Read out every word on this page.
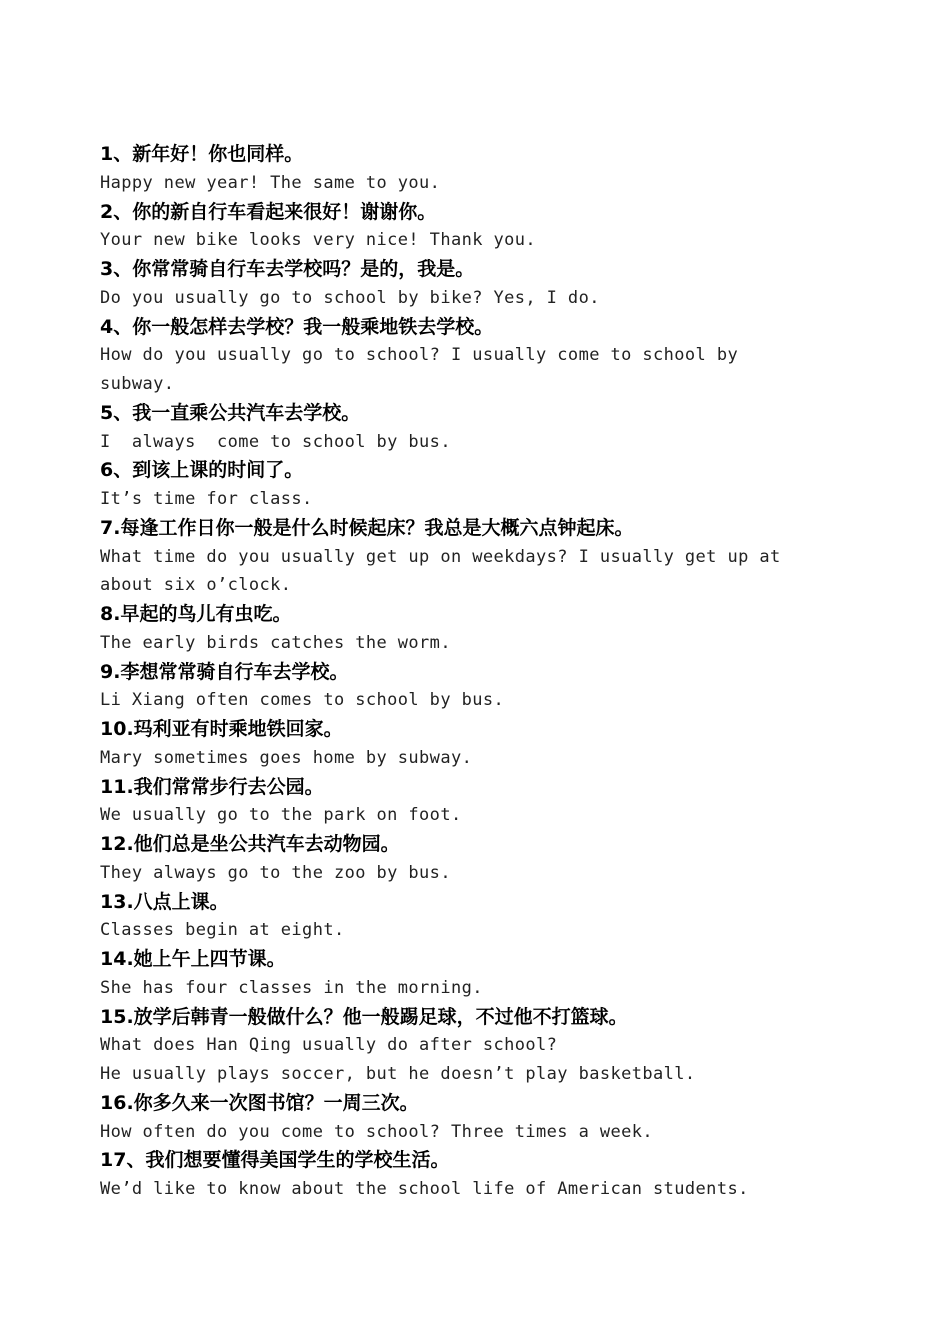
1、新年好！你也同样。
Happy new year! The same to you.
2、你的新自行车看起来很好！谢谢你。
Your new bike looks very nice! Thank you.
3、你常常骑自行车去学校吗？是的，我是。
Do you usually go to school by bike? Yes, I do.
4、你一般怎样去学校？我一般乘地铁去学校。
How do you usually go to school? I usually come to school by
subway.
5、我一直乘公共汽车去学校。
I  always  come to school by bus.
6、到该上课的时间了。
It’s time for class.
7.每逢工作日你一般是什么时候起床？我总是大概六点钟起床。
What time do you usually get up on weekdays? I usually get up at
about six o’clock.
8.早起的鸟儿有虫吃。
The early birds catches the worm.
9.李想常常骑自行车去学校。
Li Xiang often comes to school by bus.
10.玛利亚有时乘地铁回家。
Mary sometimes goes home by subway.
11.我们常常步行去公园。
We usually go to the park on foot.
12.他们总是坐公共汽车去动物园。
They always go to the zoo by bus.
13.八点上课。
Classes begin at eight.
14.她上午上四节课。
She has four classes in the morning.
15.放学后韩青一般做什么？他一般踢足球，不过他不打篮球。
What does Han Qing usually do after school?
He usually plays soccer, but he doesn’t play basketball.
16.你多久来一次图书馆？一周三次。
How often do you come to school? Three times a week.
17、我们想要懂得美国学生的学校生活。
We’d like to know about the school life of American students.
